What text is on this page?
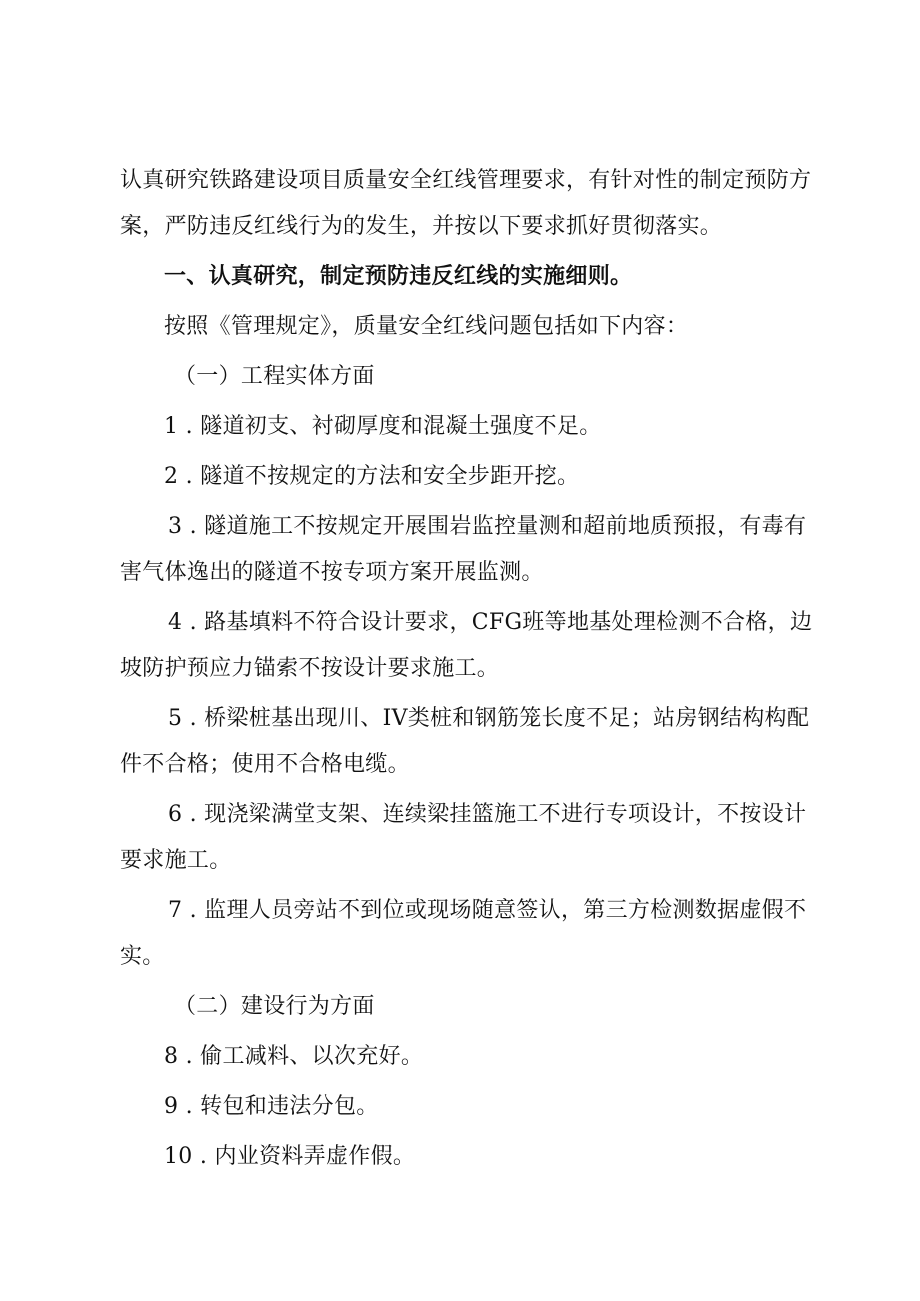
认真研究铁路建设项目质量安全红线管理要求，有针对性的制定预防方案，严防违反红线行为的发生，并按以下要求抓好贯彻落实。

一、认真研究，制定预防违反红线的实施细则。

按照《管理规定》，质量安全红线问题包括如下内容：

（一）工程实体方面

1 . 隧道初支、衬砌厚度和混凝土强度不足。

2 . 隧道不按规定的方法和安全步距开挖。

3 . 隧道施工不按规定开展围岩监控量测和超前地质预报，有毒有害气体逸出的隧道不按专项方案开展监测。

4 . 路基填料不符合设计要求，CFG班等地基处理检测不合格，边坡防护预应力锚索不按设计要求施工。

5 . 桥梁桩基出现川、IV类桩和钢筋笼长度不足；站房钢结构构配件不合格；使用不合格电缆。

6 . 现浇梁满堂支架、连续梁挂篮施工不进行专项设计，不按设计要求施工。

7 . 监理人员旁站不到位或现场随意签认，第三方检测数据虚假不实。

（二）建设行为方面

8 . 偷工减料、以次充好。

9 . 转包和违法分包。

10 . 内业资料弄虚作假。
